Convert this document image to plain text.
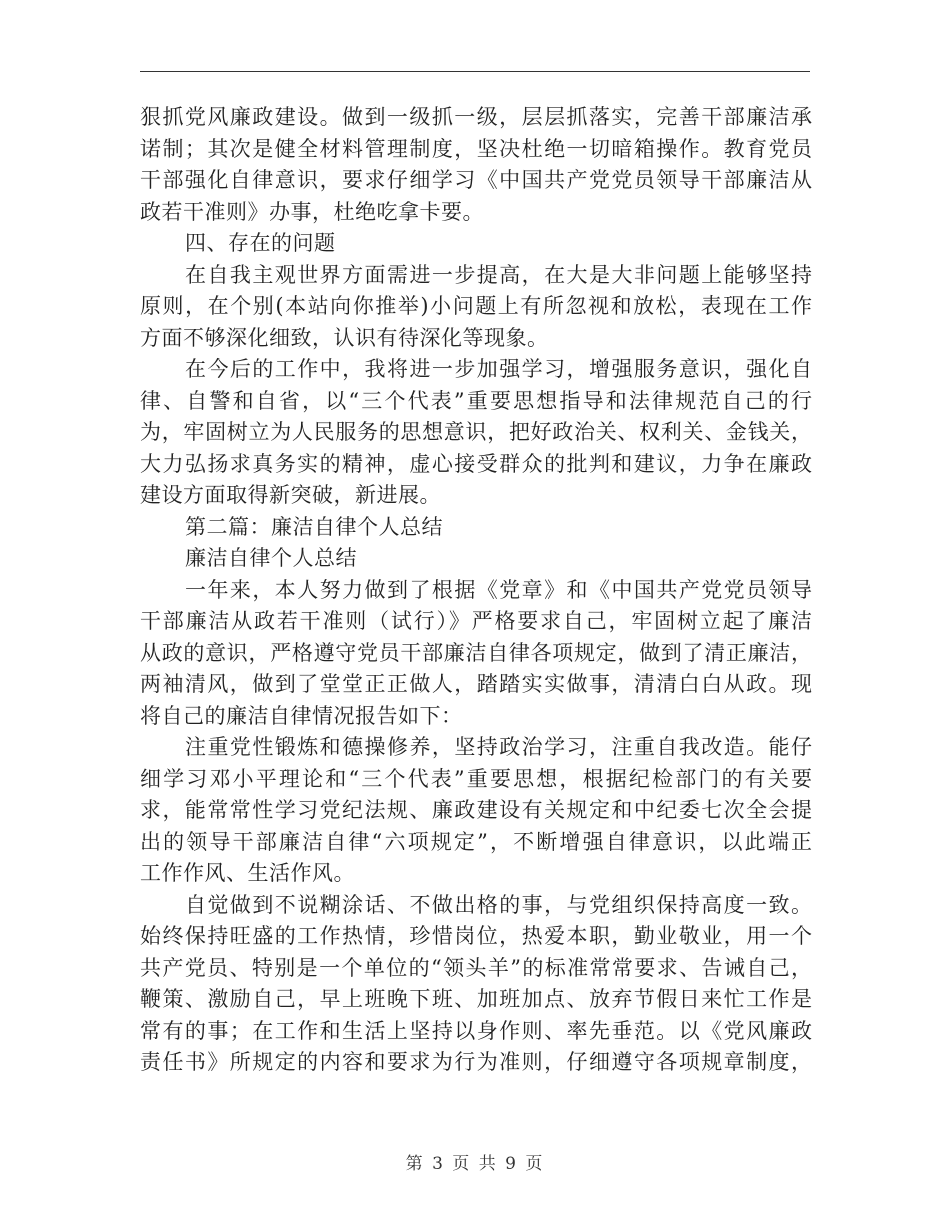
狠抓党风廉政建设。做到一级抓一级，层层抓落实，完善干部廉洁承
诺制；其次是健全材料管理制度，坚决杜绝一切暗箱操作。教育党员
干部强化自律意识，要求仔细学习《中国共产党党员领导干部廉洁从
政若干准则》办事，杜绝吃拿卡要。
四、存在的问题
在自我主观世界方面需进一步提高，在大是大非问题上能够坚持
原则，在个别(本站向你推举)小问题上有所忽视和放松，表现在工作
方面不够深化细致，认识有待深化等现象。
在今后的工作中，我将进一步加强学习，增强服务意识，强化自
律、自警和自省，以“三个代表”重要思想指导和法律规范自己的行
为，牢固树立为人民服务的思想意识，把好政治关、权利关、金钱关，
大力弘扬求真务实的精神，虚心接受群众的批判和建议，力争在廉政
建设方面取得新突破，新进展。
第二篇：廉洁自律个人总结
廉洁自律个人总结
一年来，本人努力做到了根据《党章》和《中国共产党党员领导
干部廉洁从政若干准则（试行）》严格要求自己，牢固树立起了廉洁
从政的意识，严格遵守党员干部廉洁自律各项规定，做到了清正廉洁，
两袖清风，做到了堂堂正正做人，踏踏实实做事，清清白白从政。现
将自己的廉洁自律情况报告如下：
注重党性锻炼和德操修养，坚持政治学习，注重自我改造。能仔
细学习邓小平理论和“三个代表”重要思想，根据纪检部门的有关要
求，能常常性学习党纪法规、廉政建设有关规定和中纪委七次全会提
出的领导干部廉洁自律“六项规定”，不断增强自律意识，以此端正
工作作风、生活作风。
自觉做到不说糊涂话、不做出格的事，与党组织保持高度一致。
始终保持旺盛的工作热情，珍惜岗位，热爱本职，勤业敬业，用一个
共产党员、特别是一个单位的“领头羊”的标准常常要求、告诫自己，
鞭策、激励自己，早上班晚下班、加班加点、放弃节假日来忙工作是
常有的事；在工作和生活上坚持以身作则、率先垂范。以《党风廉政
责任书》所规定的内容和要求为行为准则，仔细遵守各项规章制度，
第 3 页 共 9 页
